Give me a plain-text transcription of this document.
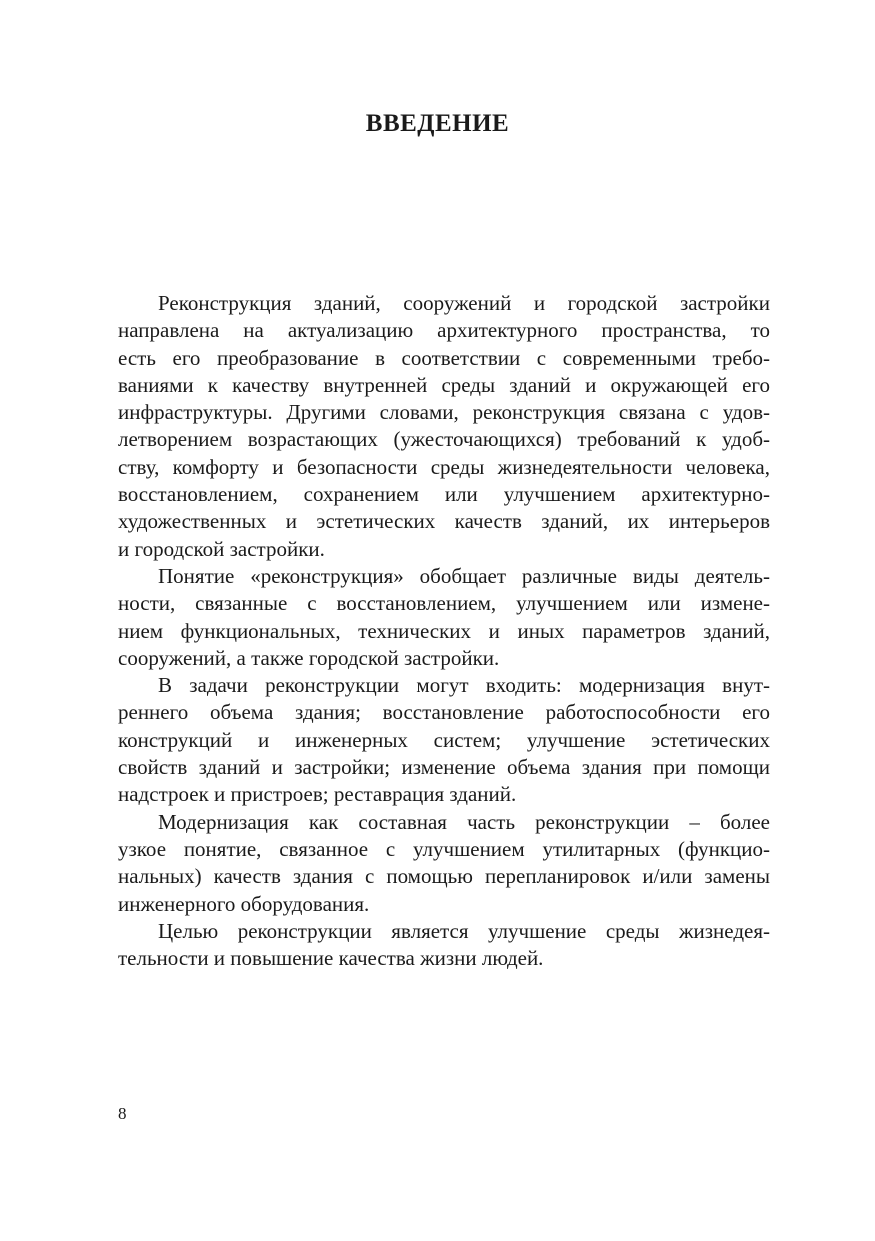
ВВЕДЕНИЕ
Реконструкция зданий, сооружений и городской застройки
направлена на актуализацию архитектурного пространства, то
есть его преобразование в соответствии с современными требо-
ваниями к качеству внутренней среды зданий и окружающей его
инфраструктуры. Другими словами, реконструкция связана с удов-
летворением возрастающих (ужесточающихся) требований к удоб-
ству, комфорту и безопасности среды жизнедеятельности человека,
восстановлением, сохранением или улучшением архитектурно-
художественных и эстетических качеств зданий, их интерьеров
и городской застройки.
Понятие «реконструкция» обобщает различные виды деятель-
ности, связанные с восстановлением, улучшением или измене-
нием функциональных, технических и иных параметров зданий,
сооружений, а также городской застройки.
В задачи реконструкции могут входить: модернизация внут-
реннего объема здания; восстановление работоспособности его
конструкций и инженерных систем; улучшение эстетических
свойств зданий и застройки; изменение объема здания при помощи
надстроек и пристроев; реставрация зданий.
Модернизация как составная часть реконструкции – более
узкое понятие, связанное с улучшением утилитарных (функцио-
нальных) качеств здания с помощью перепланировок и/или замены
инженерного оборудования.
Целью реконструкции является улучшение среды жизнедея-
тельности и повышение качества жизни людей.

8
